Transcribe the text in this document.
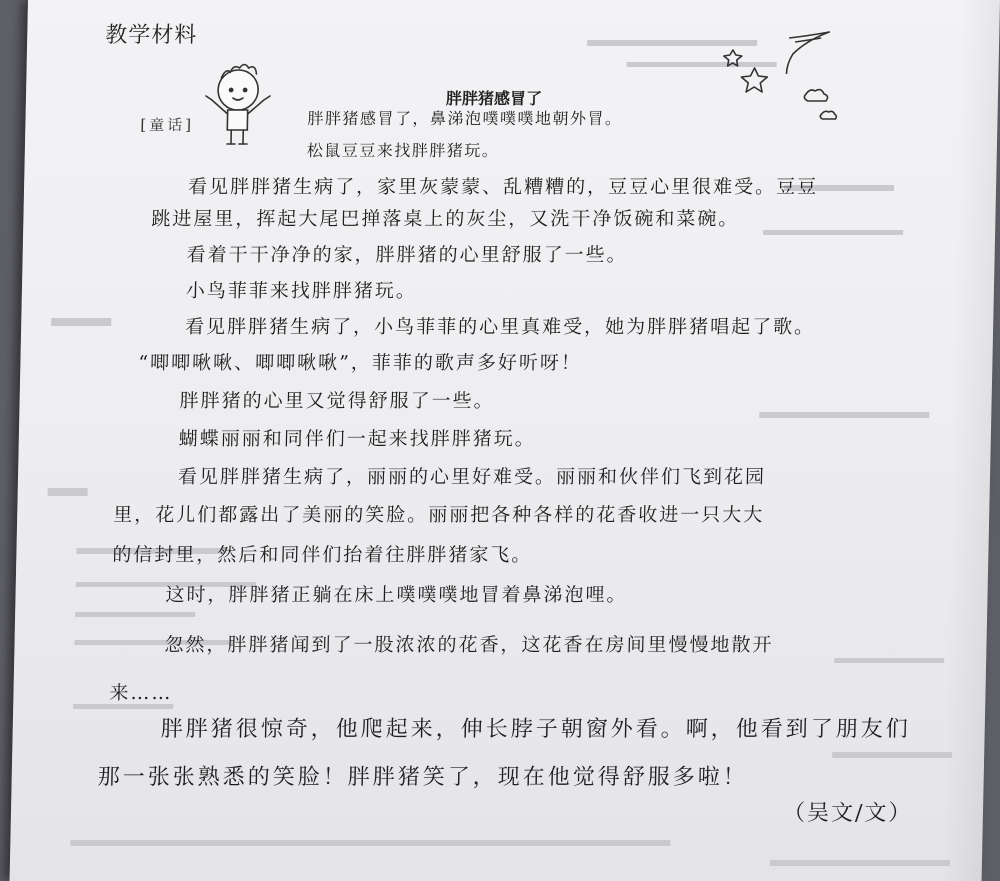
教学材料
胖胖猪感冒了
[童话]	胖胖猪感冒了，鼻涕泡噗噗噗地朝外冒。
松鼠豆豆来找胖胖猪玩。
看见胖胖猪生病了，家里灰蒙蒙、乱糟糟的，豆豆心里很难受。豆豆
跳进屋里，挥起大尾巴掸落桌上的灰尘，又洗干净饭碗和菜碗。
看着干干净净的家，胖胖猪的心里舒服了一些。
小鸟菲菲来找胖胖猪玩。
看见胖胖猪生病了，小鸟菲菲的心里真难受，她为胖胖猪唱起了歌。
“唧唧啾啾、唧唧啾啾”，菲菲的歌声多好听呀！
胖胖猪的心里又觉得舒服了一些。
蝴蝶丽丽和同伴们一起来找胖胖猪玩。
看见胖胖猪生病了，丽丽的心里好难受。丽丽和伙伴们飞到花园
里，花儿们都露出了美丽的笑脸。丽丽把各种各样的花香收进一只大大
的信封里，然后和同伴们抬着往胖胖猪家飞。
这时，胖胖猪正躺在床上噗噗噗地冒着鼻涕泡哩。
忽然，胖胖猪闻到了一股浓浓的花香，这花香在房间里慢慢地散开
来……
胖胖猪很惊奇，他爬起来，伸长脖子朝窗外看。啊，他看到了朋友们
那一张张熟悉的笑脸！胖胖猪笑了，现在他觉得舒服多啦！
（吴文/文）
